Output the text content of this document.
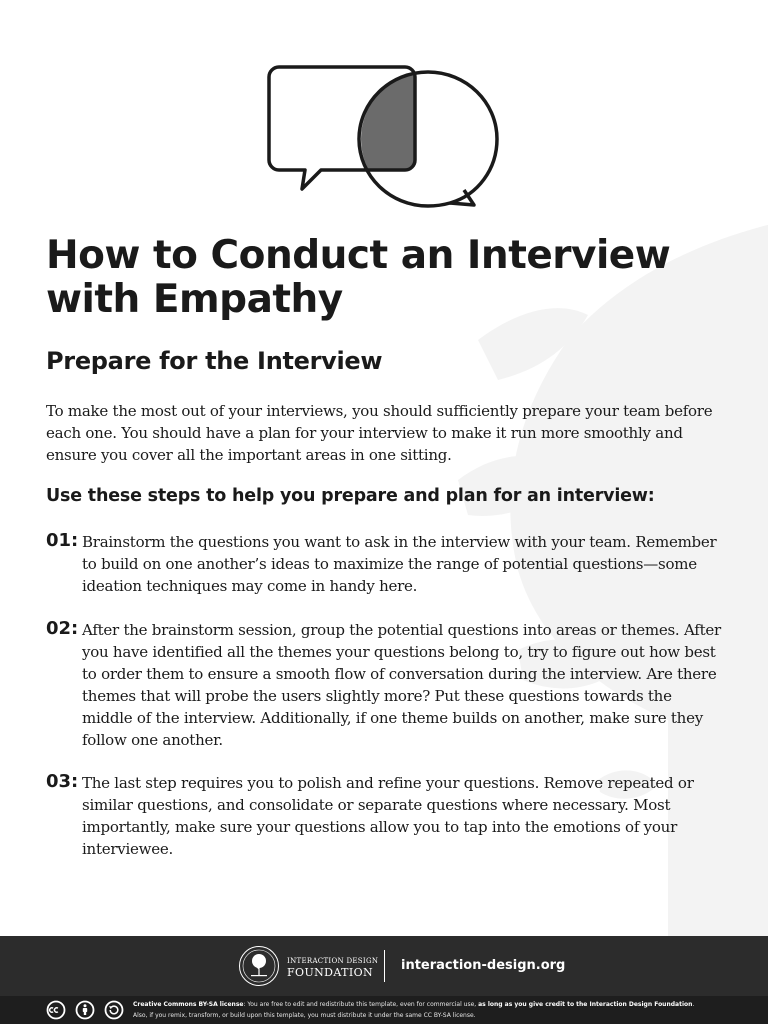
How to Conduct an Interview with Empathy
Prepare for the Interview

To make the most out of your interviews, you should sufficiently prepare your team before each one. You should have a plan for your interview to make it run more smoothly and ensure you cover all the important areas in one sitting.

Use these steps to help you prepare and plan for an interview:
01: Brainstorm the questions you want to ask in the interview with your team. Remember to build on one another’s ideas to maximize the range of potential questions—some ideation techniques may come in handy here.

02: After the brainstorm session, group the potential questions into areas or themes. After you have identified all the themes your questions belong to, try to figure out how best to order them to ensure a smooth flow of conversation during the interview. Are there themes that will probe the users slightly more? Put these questions towards the middle of the interview. Additionally, if one theme builds on another, make sure they follow one another.

03: The last step requires you to polish and refine your questions. Remove repeated or similar questions, and consolidate or separate questions where necessary. Most importantly, make sure your questions allow you to tap into the emotions of your interviewee.

INTERACTION DESIGN
FOUNDATION	interaction-design.org
Creative Commons BY-SA license: You are free to edit and redistribute this template, even for commercial use, as long as you give credit to the Interaction Design Foundation.
Also, if you remix, transform, or build upon this template, you must distribute it under the same CC BY-SA license.
